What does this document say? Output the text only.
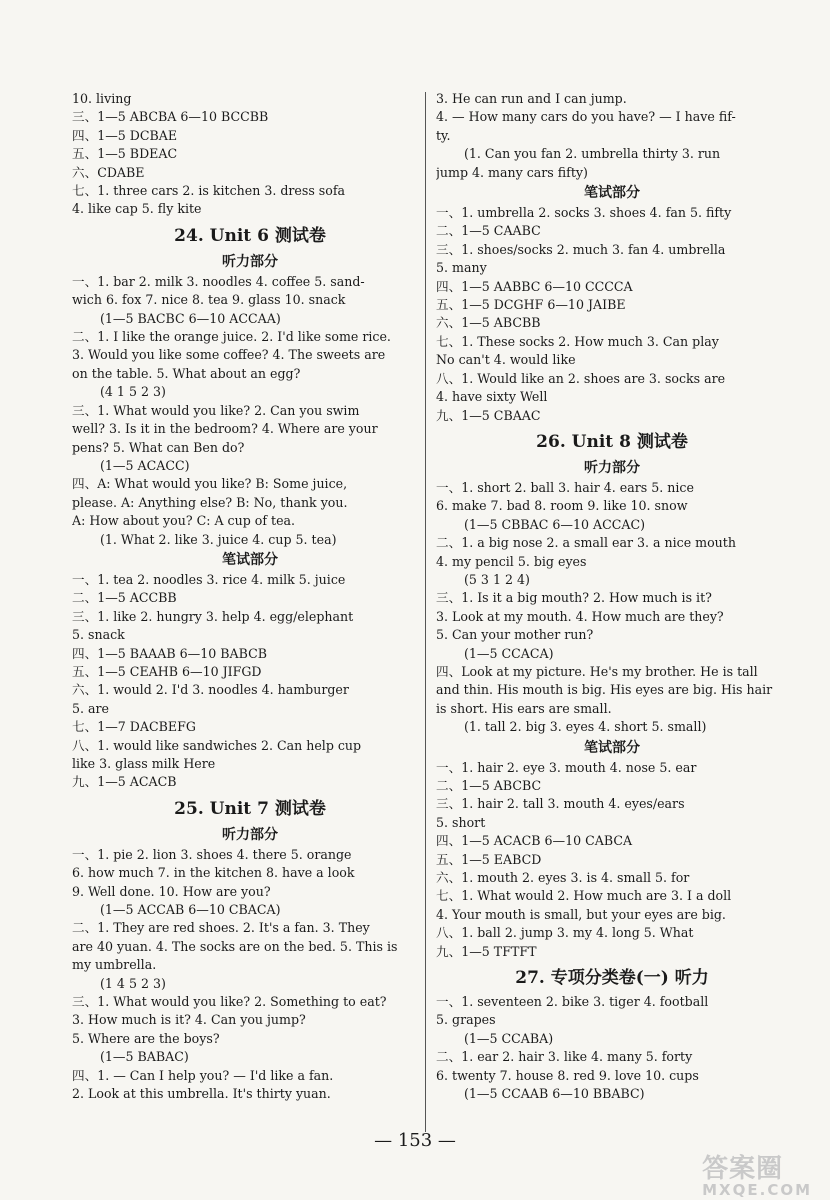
10. living
三、1—5 ABCBA 6—10 BCCBB
四、1—5 DCBAE
五、1—5 BDEAC
六、CDABE
七、1. three cars 2. is kitchen 3. dress sofa
4. like cap 5. fly kite
24. Unit 6 测试卷
听力部分
一、1. bar 2. milk 3. noodles 4. coffee 5. sand-
wich 6. fox 7. nice 8. tea 9. glass 10. snack
(1—5 BACBC 6—10 ACCAA)
二、1. I like the orange juice. 2. I'd like some rice.
3. Would you like some coffee? 4. The sweets are
on the table. 5. What about an egg?
(4 1 5 2 3)
三、1. What would you like? 2. Can you swim
well? 3. Is it in the bedroom? 4. Where are your
pens? 5. What can Ben do?
(1—5 ACACC)
四、A: What would you like? B: Some juice,
please. A: Anything else? B: No, thank you.
A: How about you? C: A cup of tea.
(1. What 2. like 3. juice 4. cup 5. tea)
笔试部分
一、1. tea 2. noodles 3. rice 4. milk 5. juice
二、1—5 ACCBB
三、1. like 2. hungry 3. help 4. egg/elephant
5. snack
四、1—5 BAAAB 6—10 BABCB
五、1—5 CEAHB 6—10 JIFGD
六、1. would 2. I'd 3. noodles 4. hamburger
5. are
七、1—7 DACBEFG
八、1. would like sandwiches 2. Can help cup
like 3. glass milk Here
九、1—5 ACACB
25. Unit 7 测试卷
听力部分
一、1. pie 2. lion 3. shoes 4. there 5. orange
6. how much 7. in the kitchen 8. have a look
9. Well done. 10. How are you?
(1—5 ACCAB 6—10 CBACA)
二、1. They are red shoes. 2. It's a fan. 3. They
are 40 yuan. 4. The socks are on the bed. 5. This is
my umbrella.
(1 4 5 2 3)
三、1. What would you like? 2. Something to eat?
3. How much is it? 4. Can you jump?
5. Where are the boys?
(1—5 BABAC)
四、1. — Can I help you? — I'd like a fan.
2. Look at this umbrella. It's thirty yuan.
3. He can run and I can jump.
4. — How many cars do you have? — I have fif-
ty.
(1. Can you fan 2. umbrella thirty 3. run
jump 4. many cars fifty)
笔试部分
一、1. umbrella 2. socks 3. shoes 4. fan 5. fifty
二、1—5 CAABC
三、1. shoes/socks 2. much 3. fan 4. umbrella
5. many
四、1—5 AABBC 6—10 CCCCA
五、1—5 DCGHF 6—10 JAIBE
六、1—5 ABCBB
七、1. These socks 2. How much 3. Can play
No can't 4. would like
八、1. Would like an 2. shoes are 3. socks are
4. have sixty Well
九、1—5 CBAAC
26. Unit 8 测试卷
听力部分
一、1. short 2. ball 3. hair 4. ears 5. nice
6. make 7. bad 8. room 9. like 10. snow
(1—5 CBBAC 6—10 ACCAC)
二、1. a big nose 2. a small ear 3. a nice mouth
4. my pencil 5. big eyes
(5 3 1 2 4)
三、1. Is it a big mouth? 2. How much is it?
3. Look at my mouth. 4. How much are they?
5. Can your mother run?
(1—5 CCACA)
四、Look at my picture. He's my brother. He is tall
and thin. His mouth is big. His eyes are big. His hair
is short. His ears are small.
(1. tall 2. big 3. eyes 4. short 5. small)
笔试部分
一、1. hair 2. eye 3. mouth 4. nose 5. ear
二、1—5 ABCBC
三、1. hair 2. tall 3. mouth 4. eyes/ears
5. short
四、1—5 ACACB 6—10 CABCA
五、1—5 EABCD
六、1. mouth 2. eyes 3. is 4. small 5. for
七、1. What would 2. How much are 3. I a doll
4. Your mouth is small, but your eyes are big.
八、1. ball 2. jump 3. my 4. long 5. What
九、1—5 TFTFT
27. 专项分类卷(一) 听力
一、1. seventeen 2. bike 3. tiger 4. football
5. grapes
(1—5 CCABA)
二、1. ear 2. hair 3. like 4. many 5. forty
6. twenty 7. house 8. red 9. love 10. cups
(1—5 CCAAB 6—10 BBABC)
— 153 —
答案圈
MXQE.COM
